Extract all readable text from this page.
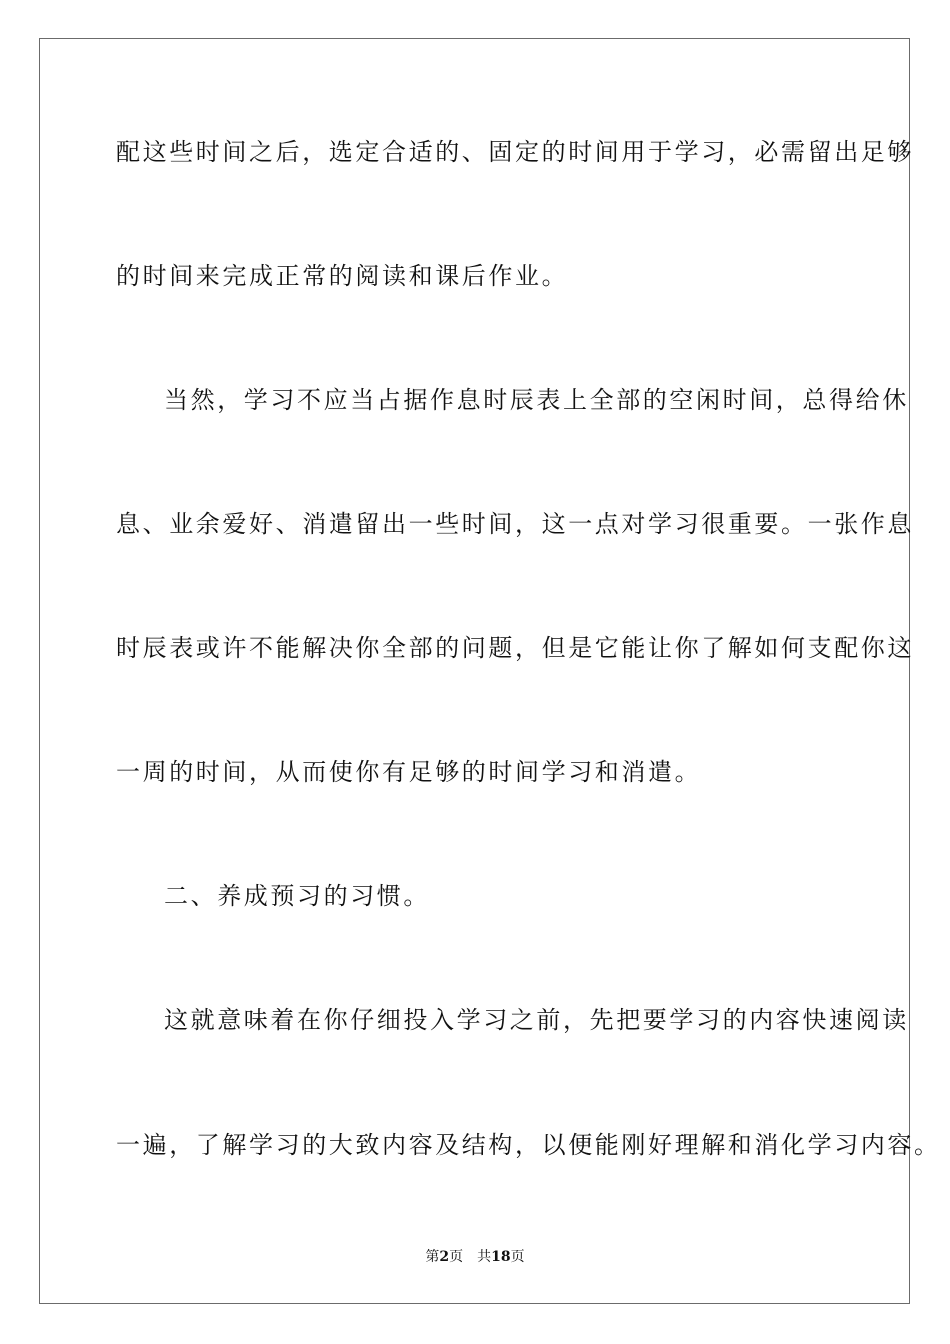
配这些时间之后，选定合适的、固定的时间用于学习，必需留出足够
的时间来完成正常的阅读和课后作业。
当然，学习不应当占据作息时辰表上全部的空闲时间，总得给休
息、业余爱好、消遣留出一些时间，这一点对学习很重要。一张作息
时辰表或许不能解决你全部的问题，但是它能让你了解如何支配你这
一周的时间，从而使你有足够的时间学习和消遣。
二、养成预习的习惯。
这就意味着在你仔细投入学习之前，先把要学习的内容快速阅读
一遍，了解学习的大致内容及结构，以便能刚好理解和消化学习内容。
第2页 共18页
